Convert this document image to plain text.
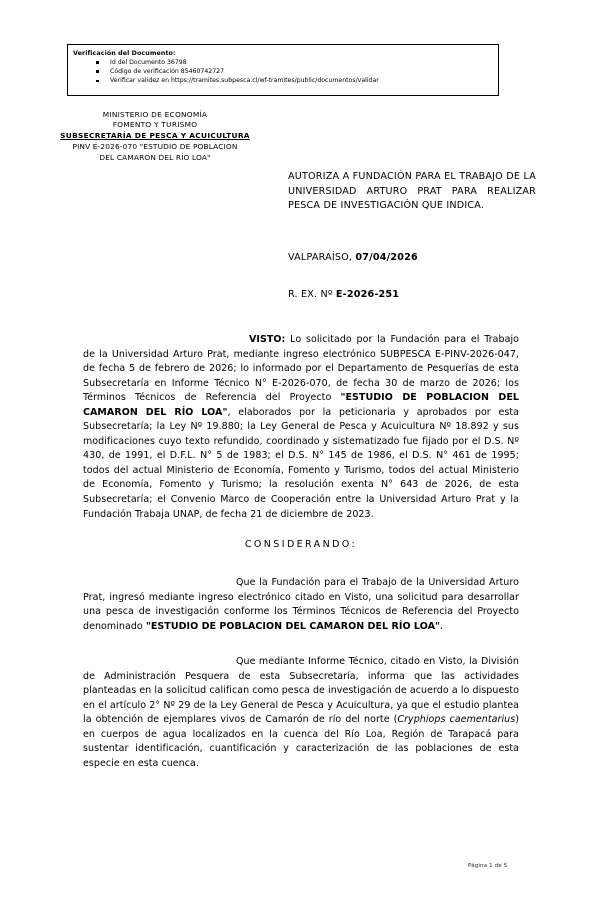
Verificación del Documento:
Id del Documento 36798
Código de verificación 85460742727
Verificar validez en https://tramites.subpesca.cl/wf-tramites/public/documentos/validar
MINISTERIO DE ECONOMÍA
FOMENTO Y TURISMO
SUBSECRETARÍA DE PESCA Y ACUICULTURA
PINV E-2026-070 "ESTUDIO DE POBLACION
DEL CAMARON DEL RÍO LOA"
AUTORIZA A FUNDACIÓN PARA EL TRABAJO DE LA UNIVERSIDAD ARTURO PRAT PARA REALIZAR PESCA DE INVESTIGACIÓN QUE INDICA.
VALPARAÍSO, 07/04/2026
R. EX. Nº E-2026-251

VISTO: Lo solicitado por la Fundación para el Trabajo de la Universidad Arturo Prat, mediante ingreso electrónico SUBPESCA E-PINV-2026-047, de fecha 5 de febrero de 2026; lo informado por el Departamento de Pesquerías de esta Subsecretaría en Informe Técnico N° E-2026-070, de fecha 30 de marzo de 2026; los Términos Técnicos de Referencia del Proyecto "ESTUDIO DE POBLACION DEL CAMARON DEL RÍO LOA", elaborados por la peticionaria y aprobados por esta Subsecretaría; la Ley Nº 19.880; la Ley General de Pesca y Acuicultura Nº 18.892 y sus modificaciones cuyo texto refundido, coordinado y sistematizado fue fijado por el D.S. Nº 430, de 1991, el D.F.L. N° 5 de 1983; el D.S. N° 145 de 1986, el D.S. N° 461 de 1995; todos del actual Ministerio de Economía, Fomento y Turismo, todos del actual Ministerio de Economía, Fomento y Turismo; la resolución exenta N° 643 de 2026, de esta Subsecretaría; el Convenio Marco de Cooperación entre la Universidad Arturo Prat y la Fundación Trabaja UNAP, de fecha 21 de diciembre de 2023.

CONSIDERANDO:

Que la Fundación para el Trabajo de la Universidad Arturo Prat, ingresó mediante ingreso electrónico citado en Visto, una solicitud para desarrollar una pesca de investigación conforme los Términos Técnicos de Referencia del Proyecto denominado "ESTUDIO DE POBLACION DEL CAMARON DEL RÍO LOA".

Que mediante Informe Técnico, citado en Visto, la División de Administración Pesquera de esta Subsecretaría, informa que las actividades planteadas en la solicitud califican como pesca de investigación de acuerdo a lo dispuesto en el artículo 2° Nº 29 de la Ley General de Pesca y Acuicultura, ya que el estudio plantea la obtención de ejemplares vivos de Camarón de río del norte (Cryphiops caementarius) en cuerpos de agua localizados en la cuenca del Río Loa, Región de Tarapacá para sustentar identificación, cuantificación y caracterización de las poblaciones de esta especie en esta cuenca.

Página 1 de 5
